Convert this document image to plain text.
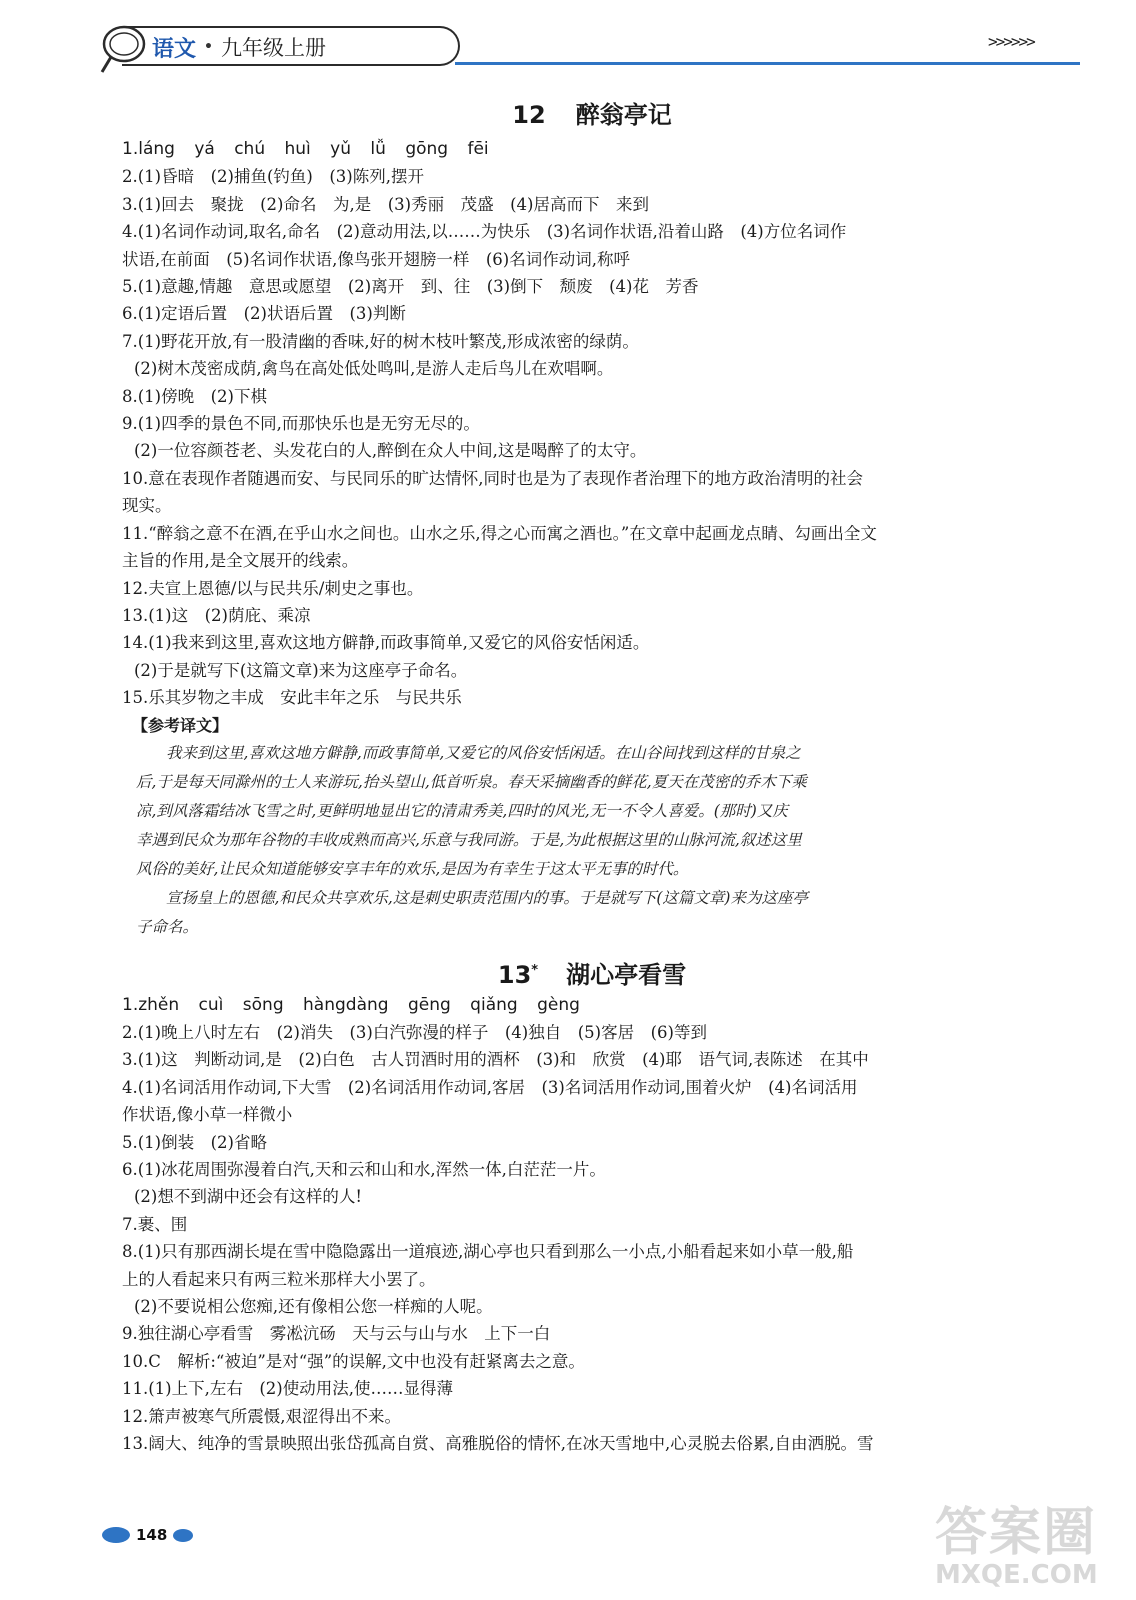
语文 • 九年级上册	>>>>>>
12 醉翁亭记

1.láng yá chú huì yǔ lǚ gōng fēi

2.(1)昏暗　(2)捕鱼(钓鱼)　(3)陈列,摆开

3.(1)回去　聚拢　(2)命名　为,是　(3)秀丽　茂盛　(4)居高而下　来到

4.(1)名词作动词,取名,命名　(2)意动用法,以……为快乐　(3)名词作状语,沿着山路　(4)方位名词作

状语,在前面　(5)名词作状语,像鸟张开翅膀一样　(6)名词作动词,称呼

5.(1)意趣,情趣　意思或愿望　(2)离开　到、往　(3)倒下　颓废　(4)花　芳香

6.(1)定语后置　(2)状语后置　(3)判断

7.(1)野花开放,有一股清幽的香味,好的树木枝叶繁茂,形成浓密的绿荫。

(2)树木茂密成荫,禽鸟在高处低处鸣叫,是游人走后鸟儿在欢唱啊。

8.(1)傍晚　(2)下棋

9.(1)四季的景色不同,而那快乐也是无穷无尽的。

(2)一位容颜苍老、头发花白的人,醉倒在众人中间,这是喝醉了的太守。

10.意在表现作者随遇而安、与民同乐的旷达情怀,同时也是为了表现作者治理下的地方政治清明的社会

现实。

11.“醉翁之意不在酒,在乎山水之间也。山水之乐,得之心而寓之酒也。”在文章中起画龙点睛、勾画出全文

主旨的作用,是全文展开的线索。

12.夫宣上恩德/以与民共乐/刺史之事也。

13.(1)这　(2)荫庇、乘凉

14.(1)我来到这里,喜欢这地方僻静,而政事简单,又爱它的风俗安恬闲适。

(2)于是就写下(这篇文章)来为这座亭子命名。

15.乐其岁物之丰成　安此丰年之乐　与民共乐

【参考译文】

我来到这里,喜欢这地方僻静,而政事简单,又爱它的风俗安恬闲适。在山谷间找到这样的甘泉之

后,于是每天同滁州的士人来游玩,抬头望山,低首听泉。春天采摘幽香的鲜花,夏天在茂密的乔木下乘

凉,到风落霜结冰飞雪之时,更鲜明地显出它的清肃秀美,四时的风光,无一不令人喜爱。(那时)又庆

幸遇到民众为那年谷物的丰收成熟而高兴,乐意与我同游。于是,为此根据这里的山脉河流,叙述这里

风俗的美好,让民众知道能够安享丰年的欢乐,是因为有幸生于这太平无事的时代。

宣扬皇上的恩德,和民众共享欢乐,这是刺史职责范围内的事。于是就写下(这篇文章)来为这座亭

子命名。

13* 湖心亭看雪

1.zhěn cuì sōng hàngdàng gēng qiǎng gèng

2.(1)晚上八时左右　(2)消失　(3)白汽弥漫的样子　(4)独自　(5)客居　(6)等到

3.(1)这　判断动词,是　(2)白色　古人罚酒时用的酒杯　(3)和　欣赏　(4)耶　语气词,表陈述　在其中

4.(1)名词活用作动词,下大雪　(2)名词活用作动词,客居　(3)名词活用作动词,围着火炉　(4)名词活用

作状语,像小草一样微小

5.(1)倒装　(2)省略

6.(1)冰花周围弥漫着白汽,天和云和山和水,浑然一体,白茫茫一片。

(2)想不到湖中还会有这样的人!

7.裹、围

8.(1)只有那西湖长堤在雪中隐隐露出一道痕迹,湖心亭也只看到那么一小点,小船看起来如小草一般,船

上的人看起来只有两三粒米那样大小罢了。

(2)不要说相公您痴,还有像相公您一样痴的人呢。

9.独往湖心亭看雪　雾凇沆砀　天与云与山与水　上下一白

10.C　解析:“被迫”是对“强”的误解,文中也没有赶紧离去之意。

11.(1)上下,左右　(2)使动用法,使……显得薄

12.箫声被寒气所震慑,艰涩得出不来。

13.阔大、纯净的雪景映照出张岱孤高自赏、高雅脱俗的情怀,在冰天雪地中,心灵脱去俗累,自由洒脱。雪

148	答案圈
MXQE.COM
